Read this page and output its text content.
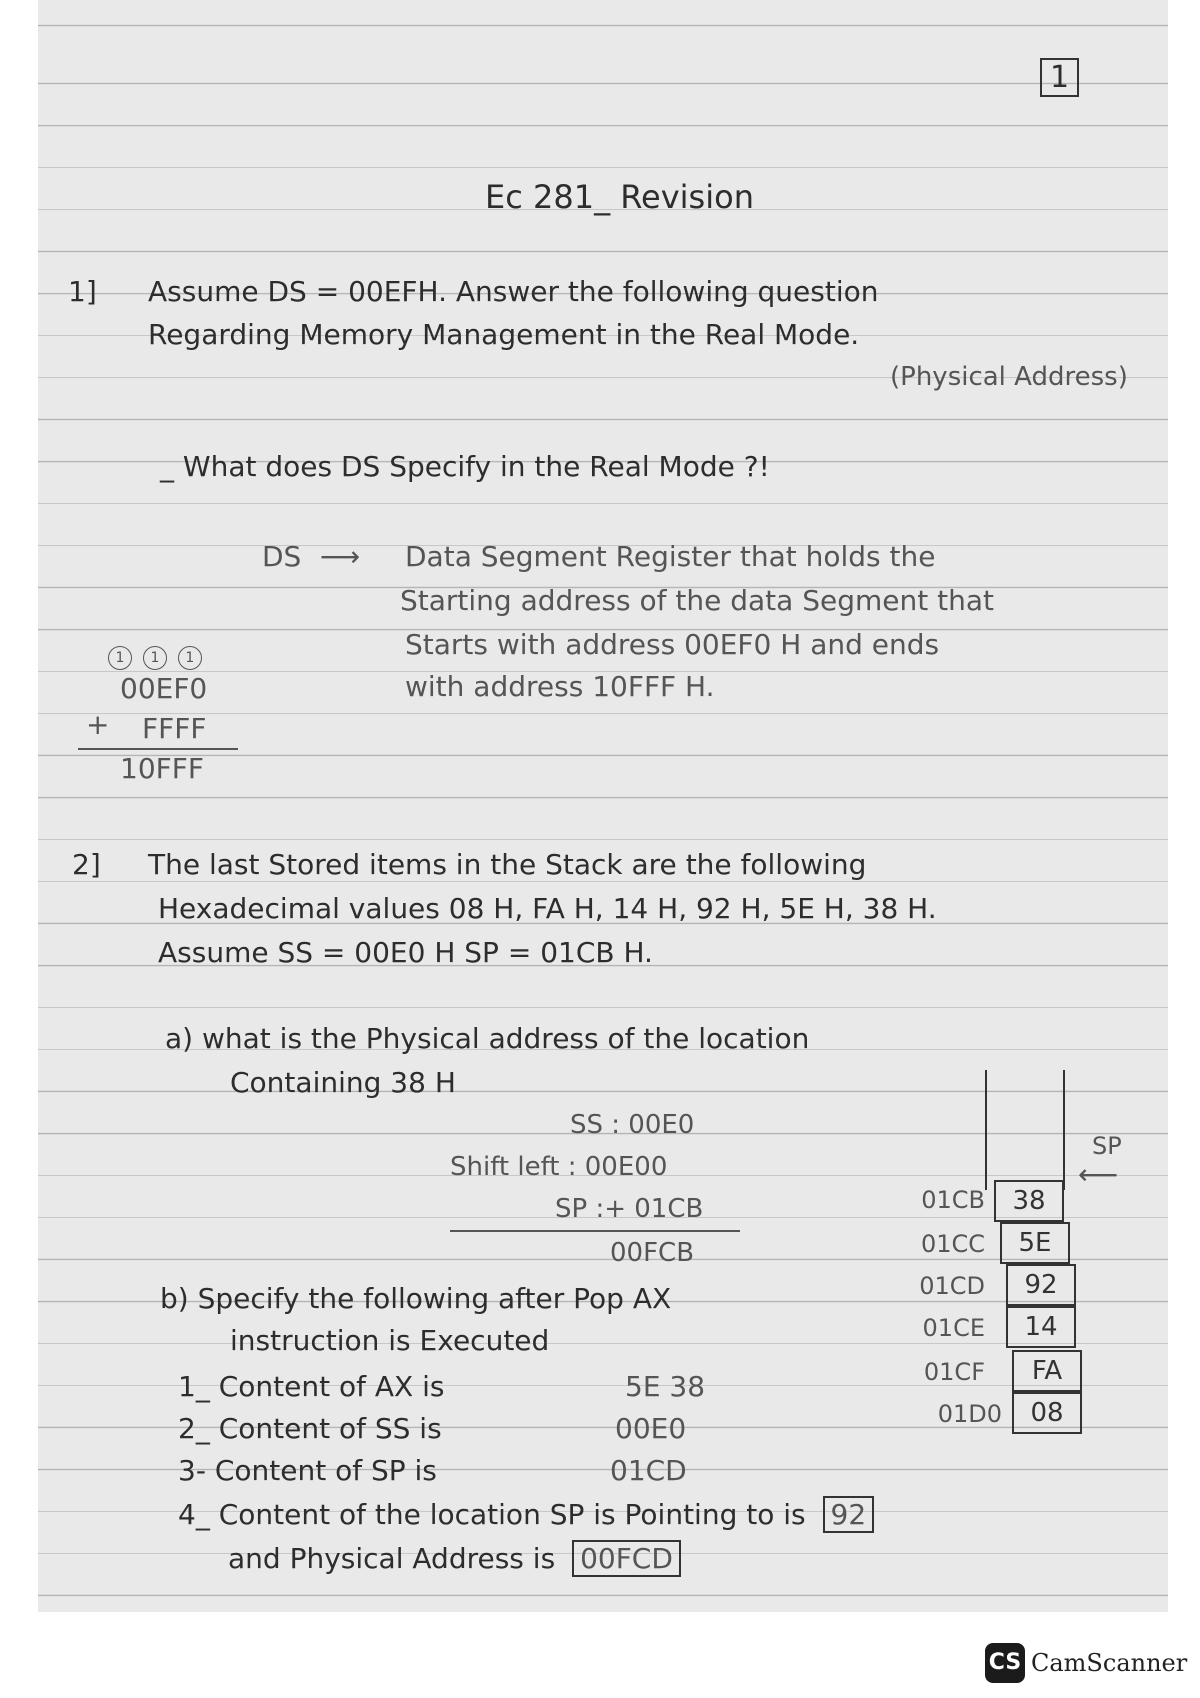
1
Ec 281_ Revision
1] Assume DS = 00EFH. Answer the following question
Regarding Memory Management in the Real Mode.
(Physical Address)
_ What does DS Specify in the Real Mode ?!
DS ⟶ Data Segment Register that holds the
Starting address of the data Segment that
Starts with address 00EF0 H and ends
with address 10FFF H.
1 1 1
00EF0
+ FFFF
10FFF
2] The last Stored items in the Stack are the following
Hexadecimal values 08 H, FA H, 14 H, 92 H, 5E H, 38 H.
Assume SS = 00E0 H SP = 01CB H.
a) what is the Physical address of the location
Containing 38 H
SS : 00E0
Shift left : 00E00
SP :+ 01CB
00FCB
b) Specify the following after Pop AX
instruction is Executed
1_ Content of AX is	5E 38
2_ Content of SS is	00E0
3- Content of SP is	01CD
4_ Content of the location SP is Pointing to is 92
and Physical Address is 00FCD
SP
⟵
01CB	38
01CC	5E
01CD	92
01CE	14
01CF	FA
01D0	08
CS CamScanner
